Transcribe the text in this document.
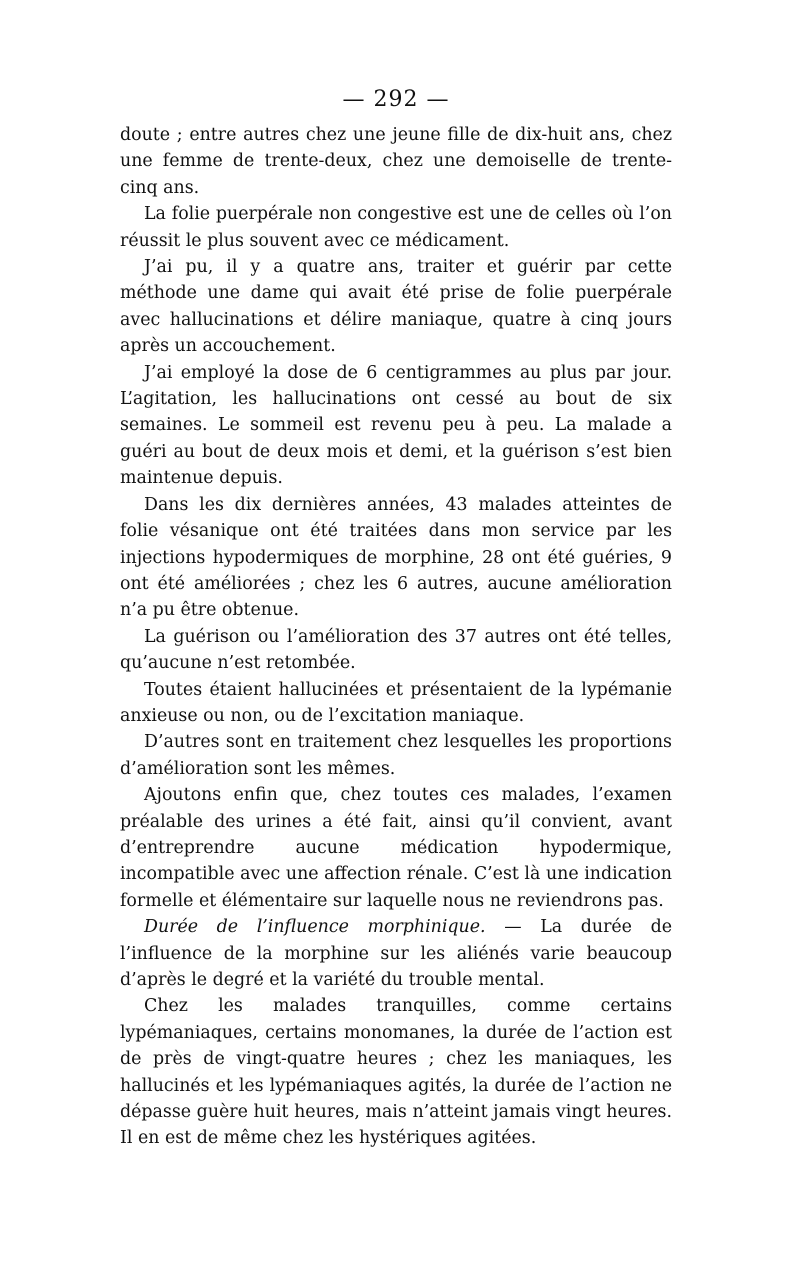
— 292 —

doute ; entre autres chez une jeune fille de dix-huit ans, chez une femme de trente-deux, chez une demoiselle de trente-cinq ans.

La folie puerpérale non congestive est une de celles où l’on réussit le plus souvent avec ce médicament.

J’ai pu, il y a quatre ans, traiter et guérir par cette méthode une dame qui avait été prise de folie puerpérale avec hallucinations et délire maniaque, quatre à cinq jours après un accouchement.

J’ai employé la dose de 6 centigrammes au plus par jour. L’agitation, les hallucinations ont cessé au bout de six semaines. Le sommeil est revenu peu à peu. La malade a guéri au bout de deux mois et demi, et la guérison s’est bien maintenue depuis.

Dans les dix dernières années, 43 malades atteintes de folie vésanique ont été traitées dans mon service par les injections hypodermiques de morphine, 28 ont été guéries, 9 ont été améliorées ; chez les 6 autres, aucune amélioration n’a pu être obtenue.

La guérison ou l’amélioration des 37 autres ont été telles, qu’aucune n’est retombée.

Toutes étaient hallucinées et présentaient de la lypémanie anxieuse ou non, ou de l’excitation maniaque.

D’autres sont en traitement chez lesquelles les proportions d’amélioration sont les mêmes.

Ajoutons enfin que, chez toutes ces malades, l’examen préalable des urines a été fait, ainsi qu’il convient, avant d’entreprendre aucune médication hypodermique, incompatible avec une affection rénale. C’est là une indication formelle et élémentaire sur laquelle nous ne reviendrons pas.

Durée de l’influence morphinique. — La durée de l’influence de la morphine sur les aliénés varie beaucoup d’après le degré et la variété du trouble mental.

Chez les malades tranquilles, comme certains lypémaniaques, certains monomanes, la durée de l’action est de près de vingt-quatre heures ; chez les maniaques, les hallucinés et les lypémaniaques agités, la durée de l’action ne dépasse guère huit heures, mais n’atteint jamais vingt heures. Il en est de même chez les hystériques agitées.
